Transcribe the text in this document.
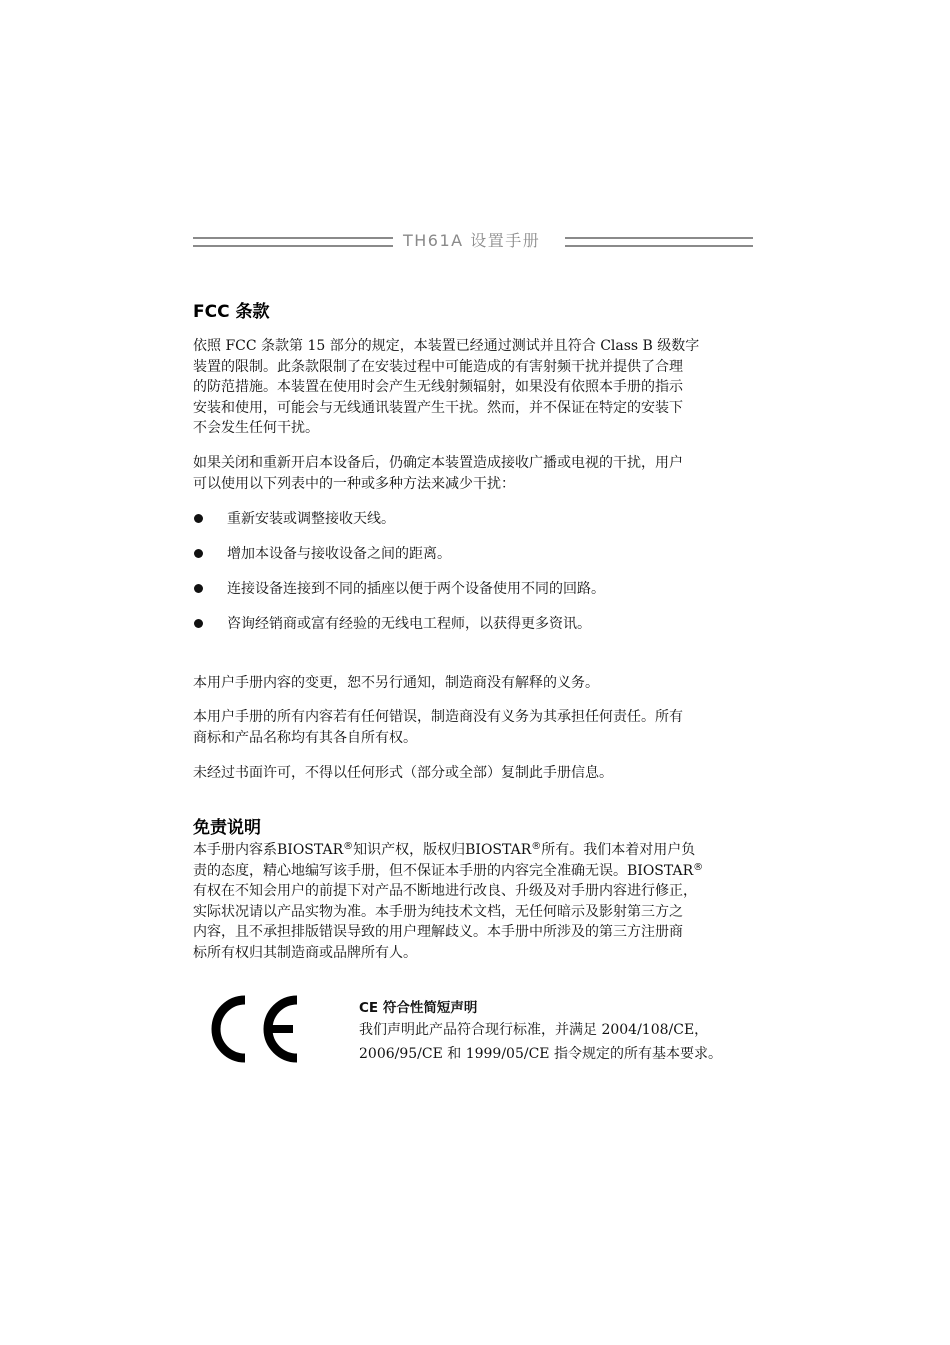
TH61A 设置手册
FCC 条款
依照 FCC 条款第 15 部分的规定，本装置已经通过测试并且符合 Class B 级数字
装置的限制。此条款限制了在安装过程中可能造成的有害射频干扰并提供了合理
的防范措施。本装置在使用时会产生无线射频辐射，如果没有依照本手册的指示
安装和使用，可能会与无线通讯装置产生干扰。然而，并不保证在特定的安装下
不会发生任何干扰。
如果关闭和重新开启本设备后，仍确定本装置造成接收广播或电视的干扰，用户
可以使用以下列表中的一种或多种方法来减少干扰：
重新安装或调整接收天线。
增加本设备与接收设备之间的距离。
连接设备连接到不同的插座以便于两个设备使用不同的回路。
咨询经销商或富有经验的无线电工程师，以获得更多资讯。
本用户手册内容的变更，恕不另行通知，制造商没有解释的义务。
本用户手册的所有内容若有任何错误，制造商没有义务为其承担任何责任。所有
商标和产品名称均有其各自所有权。
未经过书面许可，不得以任何形式（部分或全部）复制此手册信息。
免责说明
本手册内容系BIOSTAR®知识产权，版权归BIOSTAR®所有。我们本着对用户负
责的态度，精心地编写该手册，但不保证本手册的内容完全准确无误。BIOSTAR®
有权在不知会用户的前提下对产品不断地进行改良、升级及对手册内容进行修正，
实际状况请以产品实物为准。本手册为纯技术文档，无任何暗示及影射第三方之
内容，且不承担排版错误导致的用户理解歧义。本手册中所涉及的第三方注册商
标所有权归其制造商或品牌所有人。
CE 符合性简短声明
我们声明此产品符合现行标准，并满足 2004/108/CE，
2006/95/CE 和 1999/05/CE 指令规定的所有基本要求。
